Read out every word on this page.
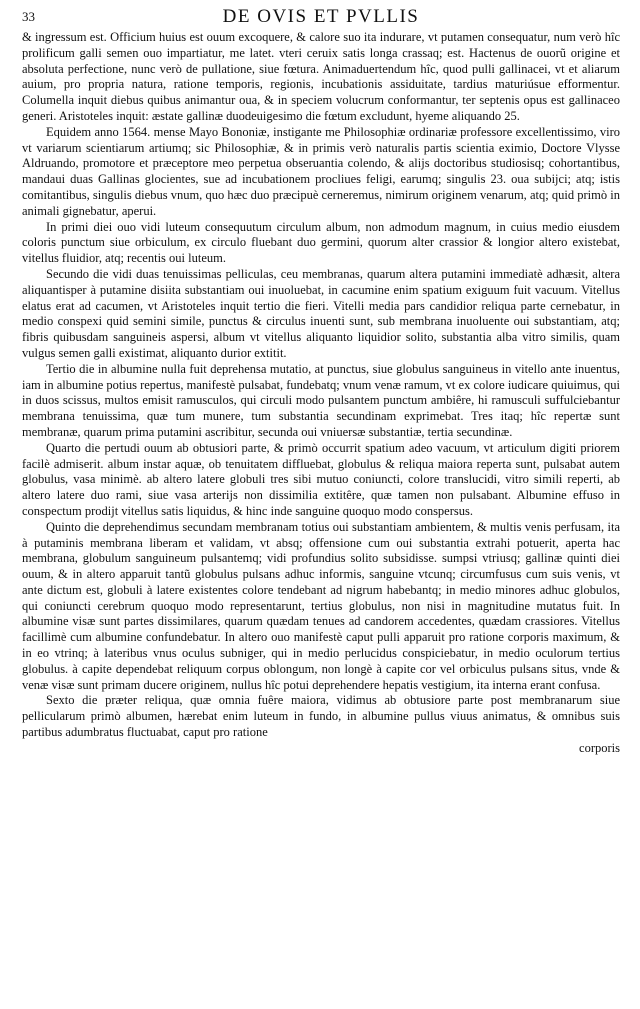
33	DE OVIS ET PVLLIS

& ingressum est. Officium huius est ouum excoquere, & calore suo ita indurare, vt putamen consequatur, num verò hîc prolificum galli semen ouo impartiatur, me latet. vteri ceruix satis longa crassaq; est. Hactenus de ouorũ origine et absoluta perfectione, nunc verò de pullatione, siue fœtura. Animaduertendum hîc, quod pulli gallinacei, vt et aliarum auium, pro propria natura, ratione temporis, regionis, incubationis assiduitate, tardius maturiúsue efformentur. Columella inquit diebus quibus animantur oua, & in speciem volucrum conformantur, ter septenis opus est gallinaceo generi. Aristoteles inquit: æstate gallinæ duodeuigesimo die fœtum excludunt, hyeme aliquando 25.

Equidem anno 1564. mense Mayo Bononiæ, instigante me Philosophiæ ordinariæ professore excellentissimo, viro vt variarum scientiarum artiumq; sic Philosophiæ, & in primis verò naturalis partis scientia eximio, Doctore Vlysse Aldruando, promotore et præceptore meo perpetua obseruantia colendo, & alijs doctoribus studiosisq; cohortantibus, mandaui duas Gallinas glocientes, sue ad incubationem procliues feligi, earumq; singulis 23. oua subijci; atq; istis comitantibus, singulis diebus vnum, quo hæc duo præcipuè cerneremus, nimirum originem venarum, atq; quid primò in animali gignebatur, aperui.

In primi diei ouo vidi luteum consequutum circulum album, non admodum magnum, in cuius medio eiusdem coloris punctum siue orbiculum, ex circulo fluebant duo germini, quorum alter crassior & longior altero existebat, vitellus fluidior, atq; recentis oui luteum.

Secundo die vidi duas tenuissimas pelliculas, ceu membranas, quarum altera putamini immediatè adhæsit, altera aliquantisper à putamine disiita substantiam oui inuoluebat, in cacumine enim spatium exiguum fuit vacuum. Vitellus elatus erat ad cacumen, vt Aristoteles inquit tertio die fieri. Vitelli media pars candidior reliqua parte cernebatur, in medio conspexi quid semini simile, punctus & circulus inuenti sunt, sub membrana inuoluente oui substantiam, atq; fibris quibusdam sanguineis aspersi, album vt vitellus aliquanto liquidior solito, substantia alba vitro similis, quam vulgus semen galli existimat, aliquanto durior extitit.

Tertio die in albumine nulla fuit deprehensa mutatio, at punctus, siue globulus sanguineus in vitello ante inuentus, iam in albumine potius repertus, manifestè pulsabat, fundebatq; vnum venæ ramum, vt ex colore iudicare quiuimus, qui in duos scissus, multos emisit ramusculos, qui circuli modo pulsantem punctum ambiêre, hi ramusculi suffulciebantur membrana tenuissima, quæ tum munere, tum substantia secundinam exprimebat. Tres itaq; hîc repertæ sunt membranæ, quarum prima putamini ascribitur, secunda oui vniuersæ substantiæ, tertia secundinæ.

Quarto die pertudi ouum ab obtusiori parte, & primò occurrit spatium adeo vacuum, vt articulum digiti priorem facilè admiserit. album instar aquæ, ob tenuitatem diffluebat, globulus & reliqua maiora reperta sunt, pulsabat autem globulus, vasa minimè. ab altero latere globuli tres sibi mutuo coniuncti, colore translucidi, vitro simili reperti, ab altero latere duo rami, siue vasa arterijs non dissimilia extitêre, quæ tamen non pulsabant. Albumine effuso in conspectum prodijt vitellus satis liquidus, & hinc inde sanguine quoquo modo conspersus.

Quinto die deprehendimus secundam membranam totius oui substantiam ambientem, & multis venis perfusam, ita à putaminis membrana liberam et validam, vt absq; offensione cum oui substantia extrahi potuerit, aperta hac membrana, globulum sanguineum pulsantemq; vidi profundius solito subsidisse. sumpsi vtriusq; gallinæ quinti diei ouum, & in altero apparuit tantũ globulus pulsans adhuc informis, sanguine vtcunq; circumfusus cum suis venis, vt ante dictum est, globuli à latere existentes colore tendebant ad nigrum habebantq; in medio minores adhuc globulos, qui coniuncti cerebrum quoquo modo representarunt, tertius globulus, non nisi in magnitudine mutatus fuit. In albumine visæ sunt partes dissimilares, quarum quædam tenues ad candorem accedentes, quædam crassiores. Vitellus facillimè cum albumine confundebatur. In altero ouo manifestè caput pulli apparuit pro ratione corporis maximum, & in eo vtrinq; à lateribus vnus oculus subniger, qui in medio perlucidus conspiciebatur, in medio oculorum tertius globulus. à capite dependebat reliquum corpus oblongum, non longè à capite cor vel orbiculus pulsans situs, vnde & venæ visæ sunt primam ducere originem, nullus hîc potui deprehendere hepatis vestigium, ita interna erant confusa.

Sexto die præter reliqua, quæ omnia fuêre maiora, vidimus ab obtusiore parte post membranarum siue pellicularum primò albumen, hærebat enim luteum in fundo, in albumine pullus viuus animatus, & omnibus suis partibus adumbratus fluctuabat, caput pro ratione

corporis
